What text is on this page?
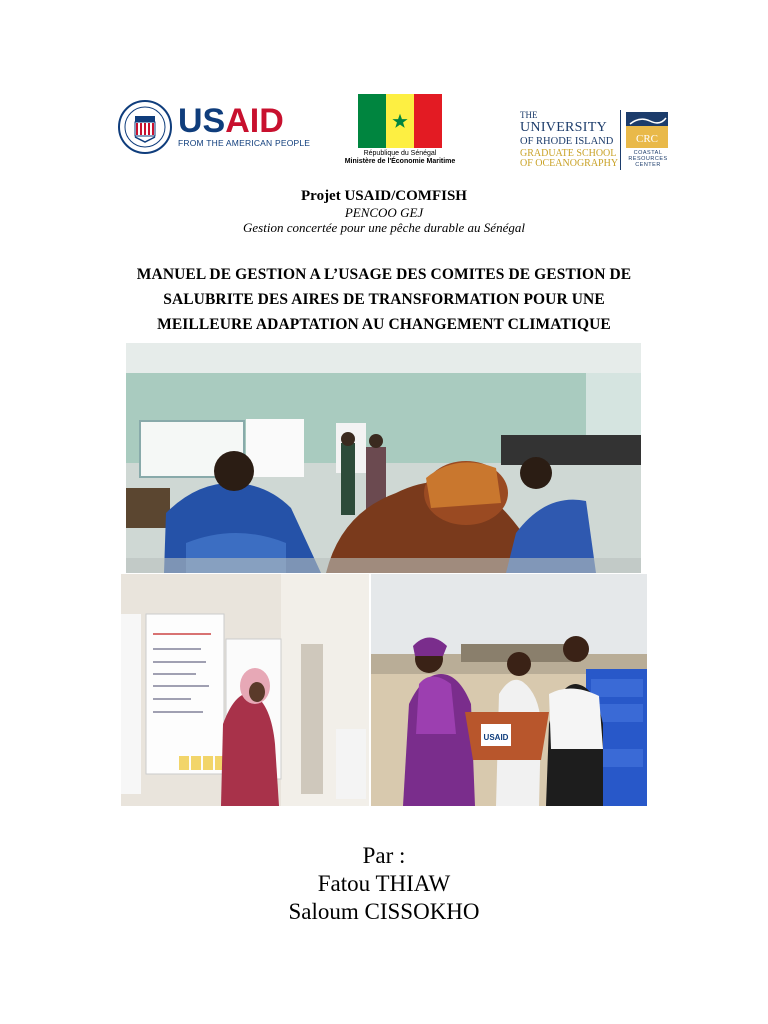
USAID
FROM THE AMERICAN PEOPLE
République du Sénégal
Ministère de l'Économie Maritime
THE
UNIVERSITY
OF RHODE ISLAND
GRADUATE SCHOOL
OF OCEANOGRAPHY
CRC
COASTAL
RESOURCES
CENTER
Projet USAID/COMFISH
PENCOO GEJ
Gestion concertée pour une pêche durable au Sénégal
MANUEL DE GESTION A L’USAGE DES COMITES DE GESTION DE
SALUBRITE DES AIRES DE TRANSFORMATION POUR UNE
MEILLEURE ADAPTATION AU CHANGEMENT CLIMATIQUE
USAID
Par :
Fatou THIAW
Saloum CISSOKHO
